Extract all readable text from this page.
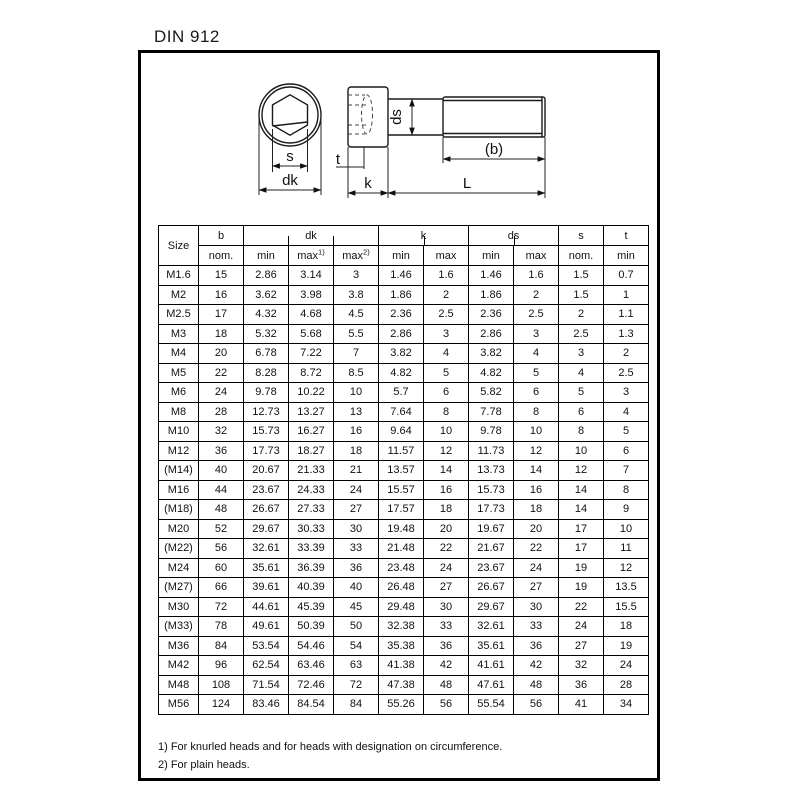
DIN 912
s
dk
ds
t
k	L
(b)
Size	b	dk			k		ds		s	t
	nom.	min	$\max^{1)}$	$\max^{2)}$	min	max	min	max	nom.	min
M1.6	15	2.86	3.14	3	1.46	1.6	1.46	1.6	1.5	0.7
M2	16	3.62	3.98	3.8	1.86	2	1.86	2	1.5	1
M2.5	17	4.32	4.68	4.5	2.36	2.5	2.36	2.5	2	1.1
M3	18	5.32	5.68	5.5	2.86	3	2.86	3	2.5	1.3
M4	20	6.78	7.22	7	3.82	4	3.82	4	3	2
M5	22	8.28	8.72	8.5	4.82	5	4.82	5	4	2.5
M6	24	9.78	10.22	10	5.7	6	5.82	6	5	3
M8	28	12.73	13.27	13	7.64	8	7.78	8	6	4
M10	32	15.73	16.27	16	9.64	10	9.78	10	8	5
M12	36	17.73	18.27	18	11.57	12	11.73	12	10	6
(M14)	40	20.67	21.33	21	13.57	14	13.73	14	12	7
M16	44	23.67	24.33	24	15.57	16	15.73	16	14	8
(M18)	48	26.67	27.33	27	17.57	18	17.73	18	14	9
M20	52	29.67	30.33	30	19.48	20	19.67	20	17	10
(M22)	56	32.61	33.39	33	21.48	22	21.67	22	17	11
M24	60	35.61	36.39	36	23.48	24	23.67	24	19	12
(M27)	66	39.61	40.39	40	26.48	27	26.67	27	19	13.5
M30	72	44.61	45.39	45	29.48	30	29.67	30	22	15.5
(M33)	78	49.61	50.39	50	32.38	33	32.61	33	24	18
M36	84	53.54	54.46	54	35.38	36	35.61	36	27	19
M42	96	62.54	63.46	63	41.38	42	41.61	42	32	24
M48	108	71.54	72.46	72	47.38	48	47.61	48	36	28
M56	124	83.46	84.54	84	55.26	56	55.54	56	41	34
1) For knurled heads and for heads with designation on circumference.
2) For plain heads.
